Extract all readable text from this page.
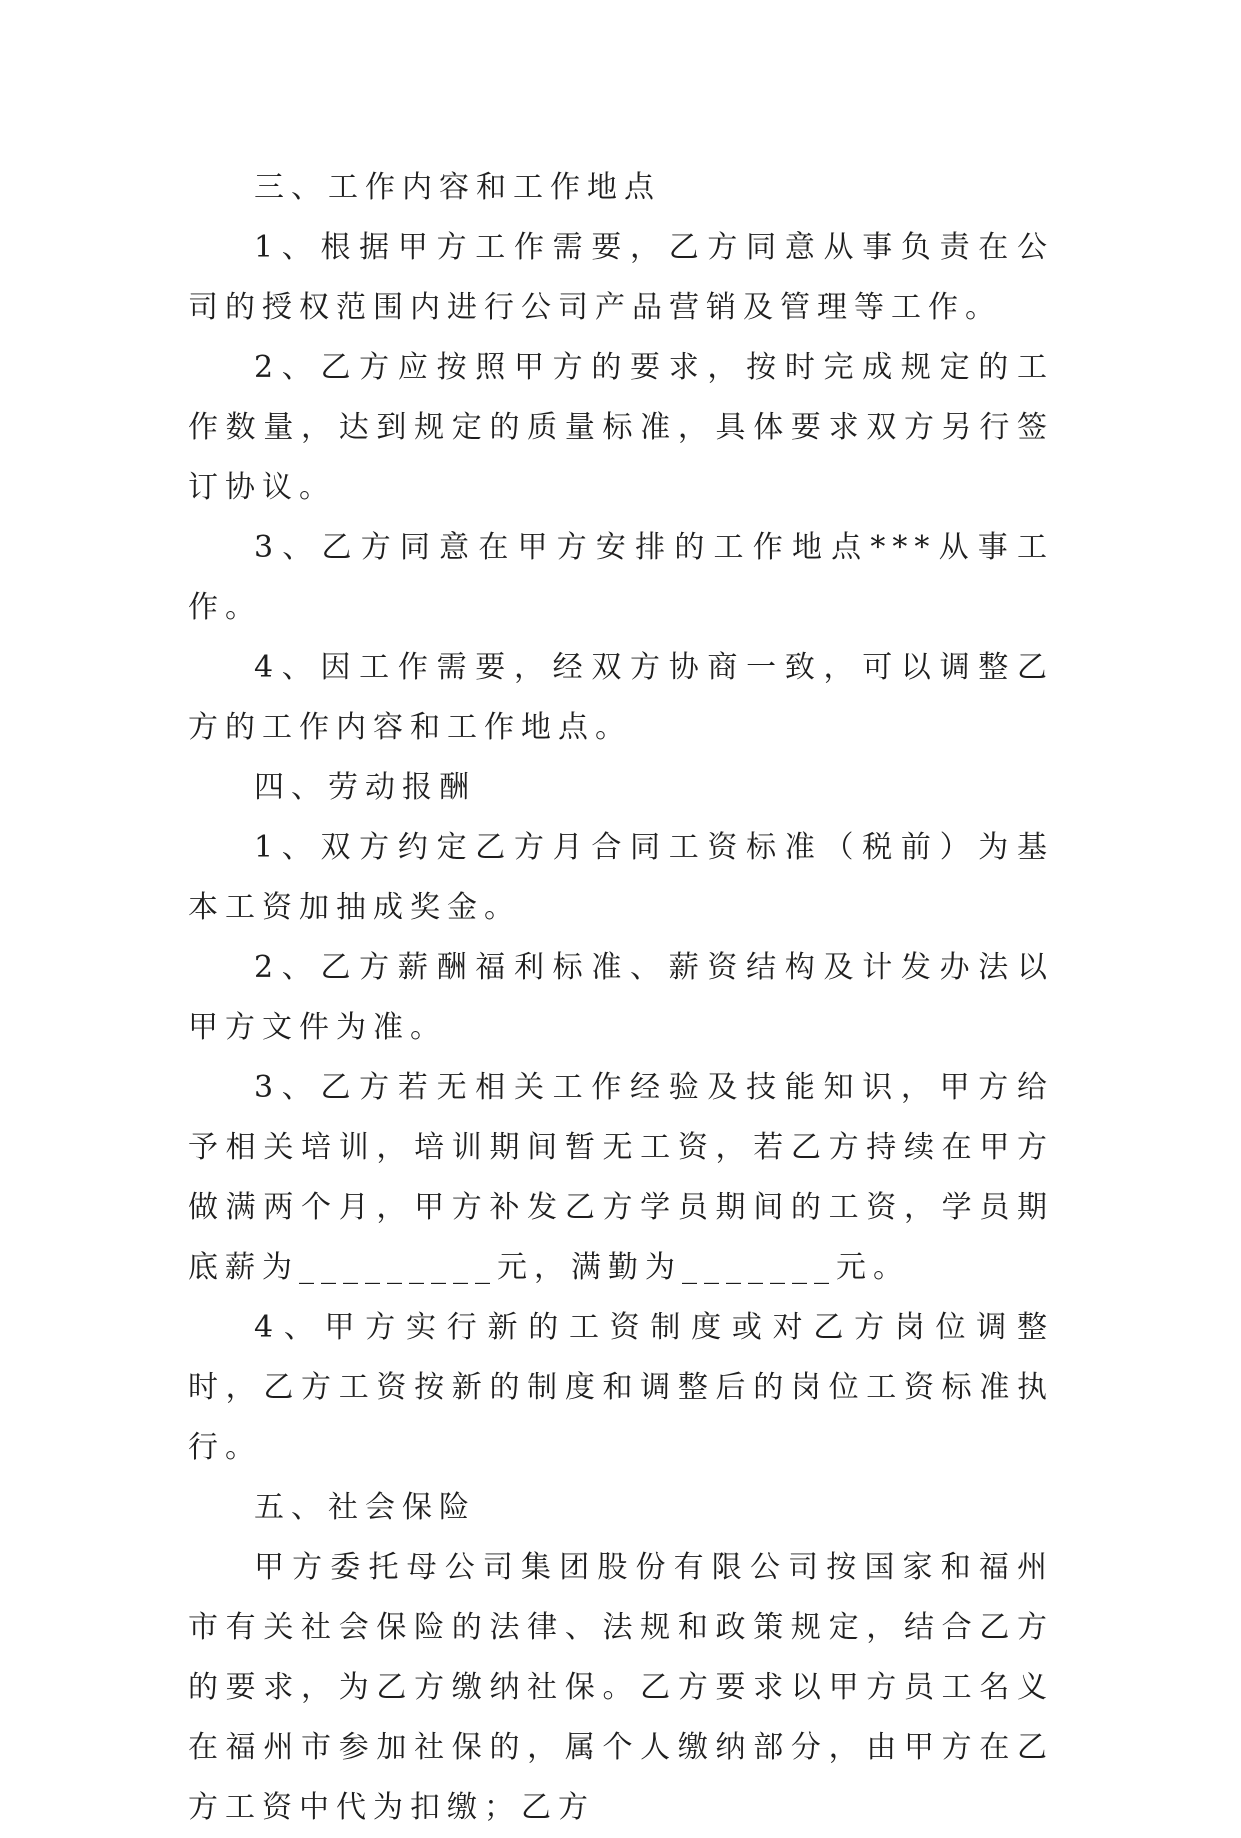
三、工作内容和工作地点

1、根据甲方工作需要，乙方同意从事负责在公司的授权范围内进行公司产品营销及管理等工作。

2、乙方应按照甲方的要求，按时完成规定的工作数量，达到规定的质量标准，具体要求双方另行签订协议。

3、乙方同意在甲方安排的工作地点***从事工作。

4、因工作需要，经双方协商一致，可以调整乙方的工作内容和工作地点。

四、劳动报酬

1、双方约定乙方月合同工资标准（税前）为基本工资加抽成奖金。

2、乙方薪酬福利标准、薪资结构及计发办法以甲方文件为准。

3、乙方若无相关工作经验及技能知识，甲方给予相关培训，培训期间暂无工资，若乙方持续在甲方做满两个月，甲方补发乙方学员期间的工资，学员期底薪为_________元，满勤为_______元。

4、甲方实行新的工资制度或对乙方岗位调整时，乙方工资按新的制度和调整后的岗位工资标准执行。

五、社会保险

甲方委托母公司集团股份有限公司按国家和福州市有关社会保险的法律、法规和政策规定，结合乙方的要求，为乙方缴纳社保。乙方要求以甲方员工名义在福州市参加社保的，属个人缴纳部分，由甲方在乙方工资中代为扣缴；乙方
